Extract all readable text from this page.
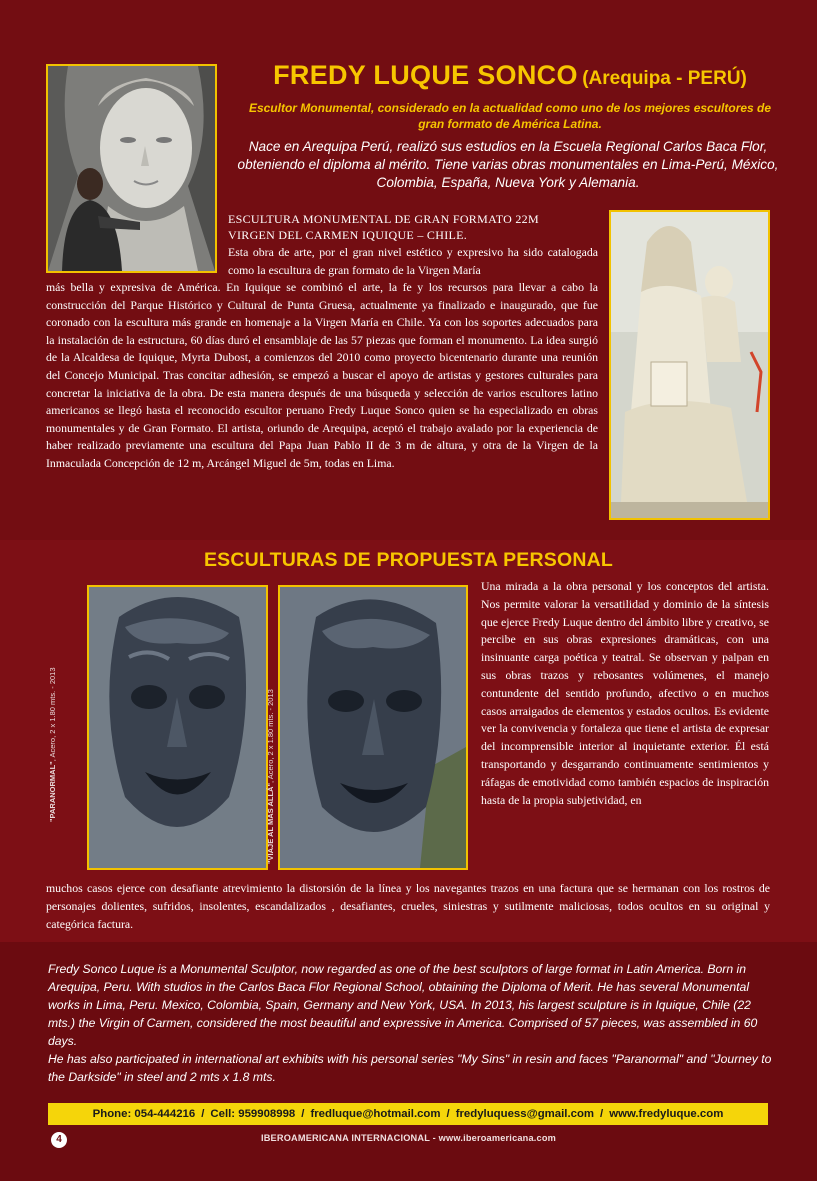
FREDY LUQUE SONCO (Arequipa - PERÚ)
Escultor Monumental, considerado en la actualidad como uno de los mejores escultores de gran formato de América Latina.
Nace en Arequipa Perú, realizó sus estudios en la Escuela Regional Carlos Baca Flor, obteniendo el diploma al mérito. Tiene varias obras monumentales en Lima-Perú, México, Colombia, España, Nueva York y Alemania.
ESCULTURA MONUMENTAL DE GRAN FORMATO 22M
VIRGEN DEL CARMEN IQUIQUE – CHILE.
Esta obra de arte, por el gran nivel estético y expresivo ha sido catalogada como la escultura de gran formato de la Virgen María
más bella y expresiva de América. En Iquique se combinó el arte, la fe y los recursos para llevar a cabo la construcción del Parque Histórico y Cultural de Punta Gruesa, actualmente ya finalizado e inaugurado, que fue coronado con la escultura más grande en homenaje a la Virgen María en Chile. Ya con los soportes adecuados para la instalación de la estructura, 60 días duró el ensamblaje de las 57 piezas que forman el monumento. La idea surgió de la Alcaldesa de Iquique, Myrta Dubost, a comienzos del 2010 como proyecto bicentenario durante una reunión del Concejo Municipal. Tras concitar adhesión, se empezó a buscar el apoyo de artistas y gestores culturales para concretar la iniciativa de la obra. De esta manera después de una búsqueda y selección de varios escultores latino americanos se llegó hasta el reconocido escultor peruano Fredy Luque Sonco quien se ha especializado en obras monumentales y de Gran Formato. El artista, oriundo de Arequipa, aceptó el trabajo avalado por la experiencia de haber realizado previamente una escultura del Papa Juan Pablo II de 3 m de altura, y otra de la Virgen de la Inmaculada Concepción de 12 m, Arcángel Miguel de 5m, todas en Lima.
ESCULTURAS DE PROPUESTA PERSONAL
"PARANORMAL", Acero, 2 x 1.80 mts. - 2013
"VIAJE AL MAS ALLÁ", Acero, 2 x 1.80 mts. - 2013
Una mirada a la obra personal y los conceptos del artista. Nos permite valorar la versatilidad y dominio de la síntesis que ejerce Fredy Luque dentro del ámbito libre y creativo, se percibe en sus obras expresiones dramáticas, con una insinuante carga poética y teatral. Se observan y palpan en sus obras trazos y rebosantes volúmenes, el manejo contundente del sentido profundo, afectivo o en muchos casos arraigados de elementos y estados ocultos. Es evidente ver la convivencia y fortaleza que tiene el artista de expresar del incomprensible interior al inquietante exterior. Él está transportando y desgarrando continuamente sentimientos y ráfagas de emotividad como también espacios de inspiración hasta de la propia subjetividad, en
muchos casos ejerce con desafiante atrevimiento la distorsión de la línea y los navegantes trazos en una factura que se hermanan con los rostros de personajes dolientes, sufridos, insolentes, escandalizados , desafiantes, crueles, siniestras y sutilmente maliciosas, todos ocultos en su original y categórica factura.

Fredy Sonco Luque is a Monumental Sculptor, now regarded as one of the best sculptors of large format in Latin America. Born in Arequipa, Peru. With studios in the Carlos Baca Flor Regional School, obtaining the Diploma of Merit. He has several Monumental works in Lima, Peru. Mexico, Colombia, Spain, Germany and New York, USA. In 2013, his largest sculpture is in Iquique, Chile (22 mts.) the Virgin of Carmen, considered the most beautiful and expressive in America. Comprised of 57 pieces, was assembled in 60 days.

He has also participated in international art exhibits with his personal series "My Sins" in resin and faces "Paranormal" and "Journey to the Darkside" in steel and 2 mts x 1.8 mts.

Phone: 054-444216 / Cell: 959908998 / fredluque@hotmail.com / fredyluquess@gmail.com / www.fredyluque.com
4	IBEROAMERICANA INTERNACIONAL - www.iberoamericana.com
